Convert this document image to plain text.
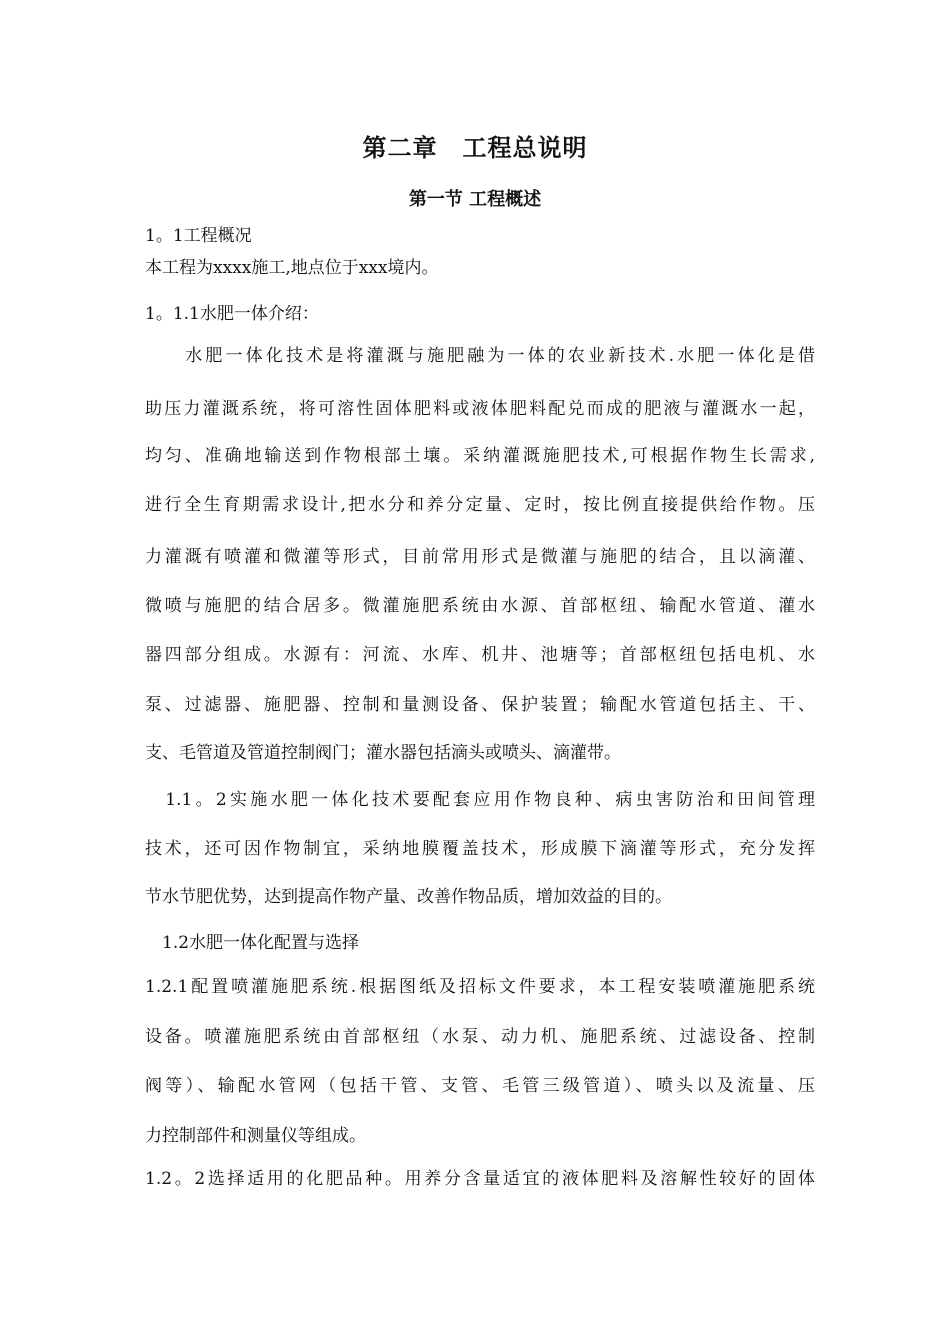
第二章　工程总说明
第一节 工程概述
1。1工程概况
本工程为xxxx施工,地点位于xxx境内。
1。1.1水肥一体介绍：
　　水肥一体化技术是将灌溉与施肥融为一体的农业新技术.水肥一体化是借
助压力灌溉系统，将可溶性固体肥料或液体肥料配兑而成的肥液与灌溉水一起，
均匀、准确地输送到作物根部土壤。采纳灌溉施肥技术,可根据作物生长需求,
进行全生育期需求设计,把水分和养分定量、定时，按比例直接提供给作物。压
力灌溉有喷灌和微灌等形式，目前常用形式是微灌与施肥的结合，且以滴灌、
微喷与施肥的结合居多。微灌施肥系统由水源、首部枢纽、输配水管道、灌水
器四部分组成。水源有：河流、水库、机井、池塘等；首部枢纽包括电机、水
泵、过滤器、施肥器、控制和量测设备、保护装置；输配水管道包括主、干、
支、毛管道及管道控制阀门；灌水器包括滴头或喷头、滴灌带。
　1.1。2实施水肥一体化技术要配套应用作物良种、病虫害防治和田间管理
技术，还可因作物制宜，采纳地膜覆盖技术，形成膜下滴灌等形式，充分发挥
节水节肥优势，达到提高作物产量、改善作物品质，增加效益的目的。
　1.2水肥一体化配置与选择
1.2.1配置喷灌施肥系统.根据图纸及招标文件要求，本工程安装喷灌施肥系统
设备。喷灌施肥系统由首部枢纽（水泵、动力机、施肥系统、过滤设备、控制
阀等）、输配水管网（包括干管、支管、毛管三级管道）、喷头以及流量、压
力控制部件和测量仪等组成。
1.2。2选择适用的化肥品种。用养分含量适宜的液体肥料及溶解性较好的固体
